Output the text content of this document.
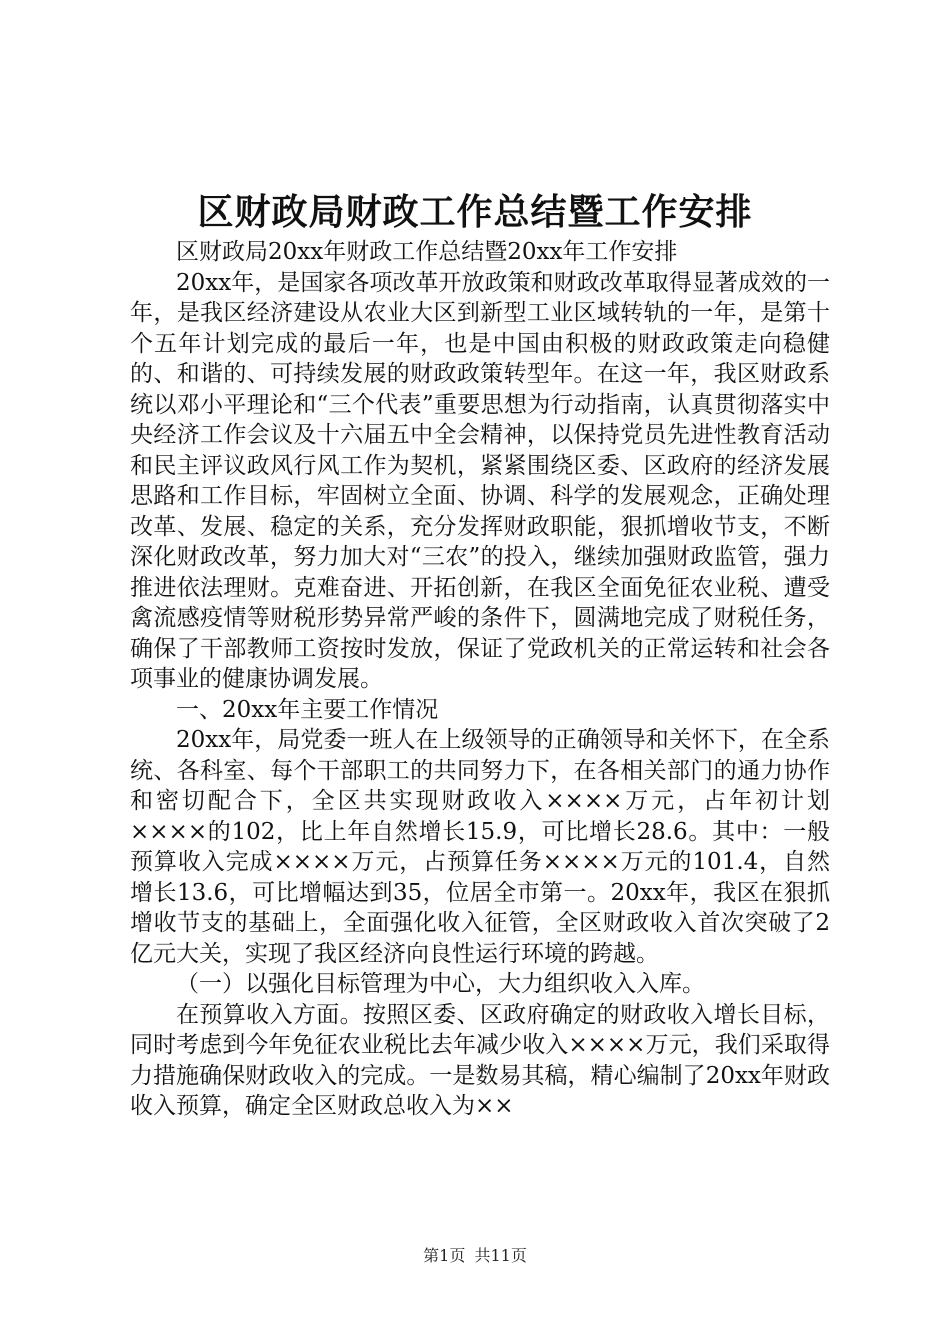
区财政局财政工作总结暨工作安排

区财政局20xx年财政工作总结暨20xx年工作安排

20xx年，是国家各项改革开放政策和财政改革取得显著成效的一年，是我区经济建设从农业大区到新型工业区域转轨的一年，是第十个五年计划完成的最后一年，也是中国由积极的财政政策走向稳健的、和谐的、可持续发展的财政政策转型年。在这一年，我区财政系统以邓小平理论和“三个代表”重要思想为行动指南，认真贯彻落实中央经济工作会议及十六届五中全会精神，以保持党员先进性教育活动和民主评议政风行风工作为契机，紧紧围绕区委、区政府的经济发展思路和工作目标，牢固树立全面、协调、科学的发展观念，正确处理改革、发展、稳定的关系，充分发挥财政职能，狠抓增收节支，不断深化财政改革，努力加大对“三农”的投入，继续加强财政监管，强力推进依法理财。克难奋进、开拓创新，在我区全面免征农业税、遭受禽流感疫情等财税形势异常严峻的条件下，圆满地完成了财税任务，确保了干部教师工资按时发放，保证了党政机关的正常运转和社会各项事业的健康协调发展。

一、20xx年主要工作情况

20xx年，局党委一班人在上级领导的正确领导和关怀下，在全系统、各科室、每个干部职工的共同努力下，在各相关部门的通力协作和密切配合下，全区共实现财政收入××××万元，占年初计划××××的102，比上年自然增长15.9，可比增长28.6。其中：一般预算收入完成××××万元，占预算任务××××万元的101.4，自然增长13.6，可比增幅达到35，位居全市第一。20xx年，我区在狠抓增收节支的基础上，全面强化收入征管，全区财政收入首次突破了2亿元大关，实现了我区经济向良性运行环境的跨越。

（一）以强化目标管理为中心，大力组织收入入库。

在预算收入方面。按照区委、区政府确定的财政收入增长目标，同时考虑到今年免征农业税比去年减少收入××××万元，我们采取得力措施确保财政收入的完成。一是数易其稿，精心编制了20xx年财政收入预算，确定全区财政总收入为××

第1页 共11页
